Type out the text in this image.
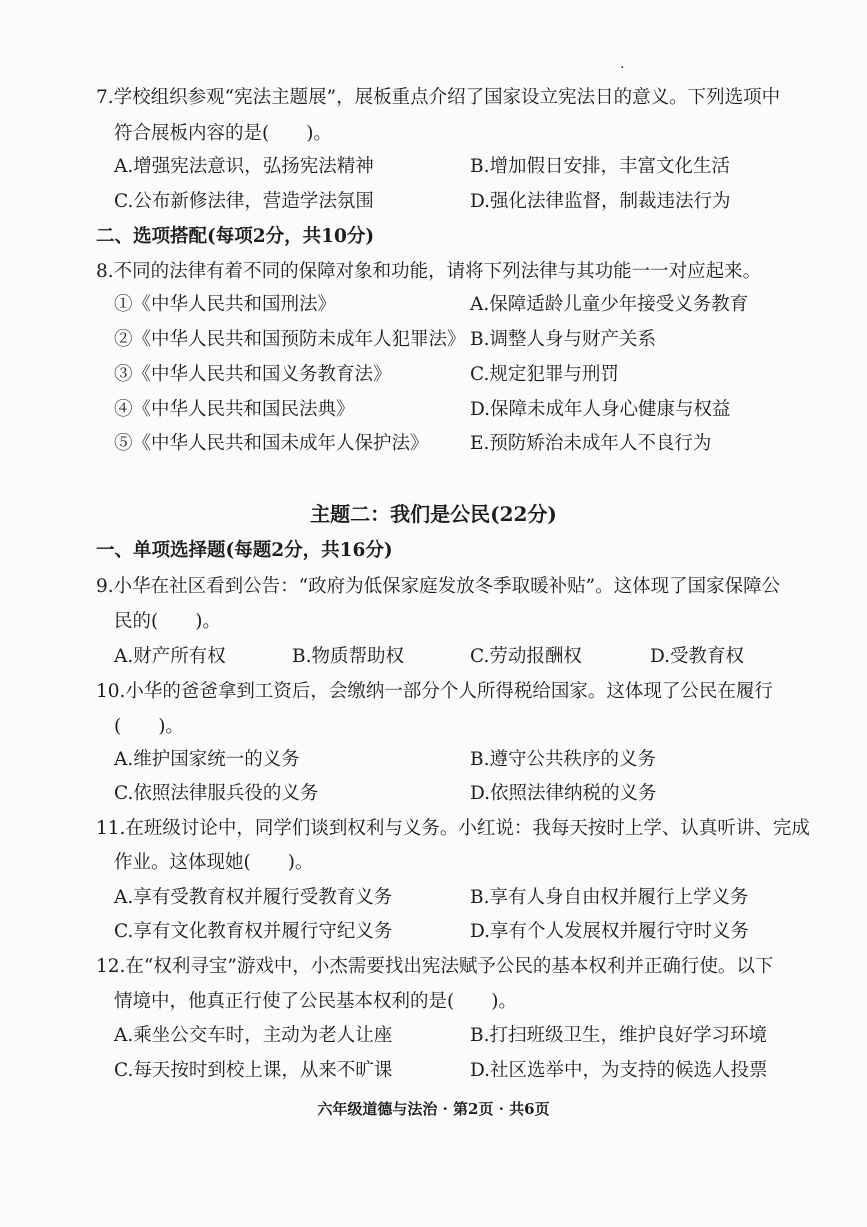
.
7.学校组织参观“宪法主题展”，展板重点介绍了国家设立宪法日的意义。下列选项中
符合展板内容的是(　　)。
A.增强宪法意识，弘扬宪法精神	B.增加假日安排，丰富文化生活
C.公布新修法律，营造学法氛围	D.强化法律监督，制裁违法行为
二、选项搭配(每项2分，共10分)
8.不同的法律有着不同的保障对象和功能，请将下列法律与其功能一一对应起来。
①《中华人民共和国刑法》	A.保障适龄儿童少年接受义务教育
②《中华人民共和国预防未成年人犯罪法》 B.调整人身与财产关系
③《中华人民共和国义务教育法》	C.规定犯罪与刑罚
④《中华人民共和国民法典》	D.保障未成年人身心健康与权益
⑤《中华人民共和国未成年人保护法》 E.预防矫治未成年人不良行为
主题二：我们是公民(22分)
一、单项选择题(每题2分，共16分)
9.小华在社区看到公告：“政府为低保家庭发放冬季取暖补贴”。这体现了国家保障公
民的(　　)。
A.财产所有权	B.物质帮助权	C.劳动报酬权	D.受教育权
10.小华的爸爸拿到工资后，会缴纳一部分个人所得税给国家。这体现了公民在履行
(　　)。
A.维护国家统一的义务	B.遵守公共秩序的义务
C.依照法律服兵役的义务	D.依照法律纳税的义务
11.在班级讨论中，同学们谈到权利与义务。小红说：我每天按时上学、认真听讲、完成
作业。这体现她(　　)。
A.享有受教育权并履行受教育义务	B.享有人身自由权并履行上学义务
C.享有文化教育权并履行守纪义务	D.享有个人发展权并履行守时义务
12.在“权利寻宝”游戏中，小杰需要找出宪法赋予公民的基本权利并正确行使。以下
情境中，他真正行使了公民基本权利的是(　　)。
A.乘坐公交车时，主动为老人让座	B.打扫班级卫生，维护良好学习环境
C.每天按时到校上课，从来不旷课	D.社区选举中，为支持的候选人投票
六年级道德与法治 · 第2页 · 共6页
